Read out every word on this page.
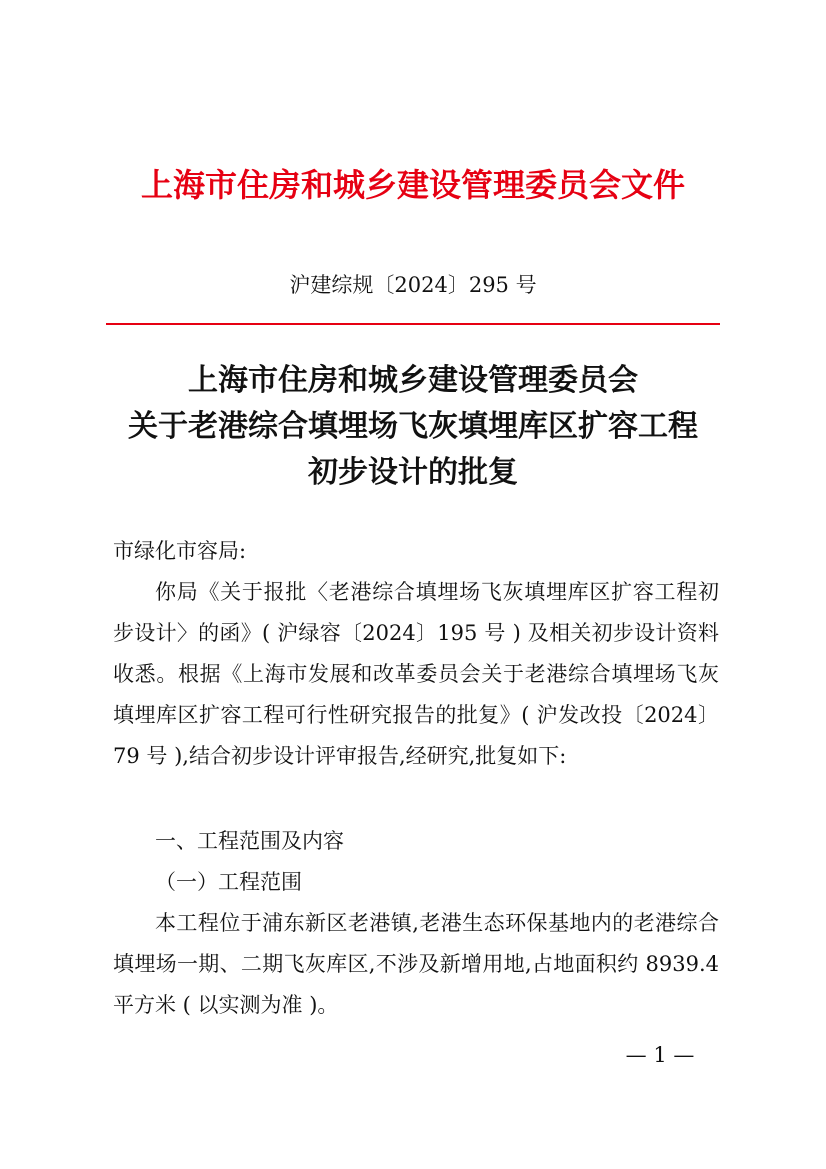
上海市住房和城乡建设管理委员会文件
沪建综规〔2024〕295 号
上海市住房和城乡建设管理委员会
关于老港综合填埋场飞灰填埋库区扩容工程
初步设计的批复
市绿化市容局:
你局《关于报批〈老港综合填埋场飞灰填埋库区扩容工程初步设计〉的函》( 沪绿容〔2024〕195 号 ) 及相关初步设计资料收悉。根据《上海市发展和改革委员会关于老港综合填埋场飞灰填埋库区扩容工程可行性研究报告的批复》( 沪发改投〔2024〕79 号 ),结合初步设计评审报告,经研究,批复如下:
一、工程范围及内容
（一）工程范围
本工程位于浦东新区老港镇,老港生态环保基地内的老港综合填埋场一期、二期飞灰库区,不涉及新增用地,占地面积约 8939.4 平方米 ( 以实测为准 )。
— 1 —
